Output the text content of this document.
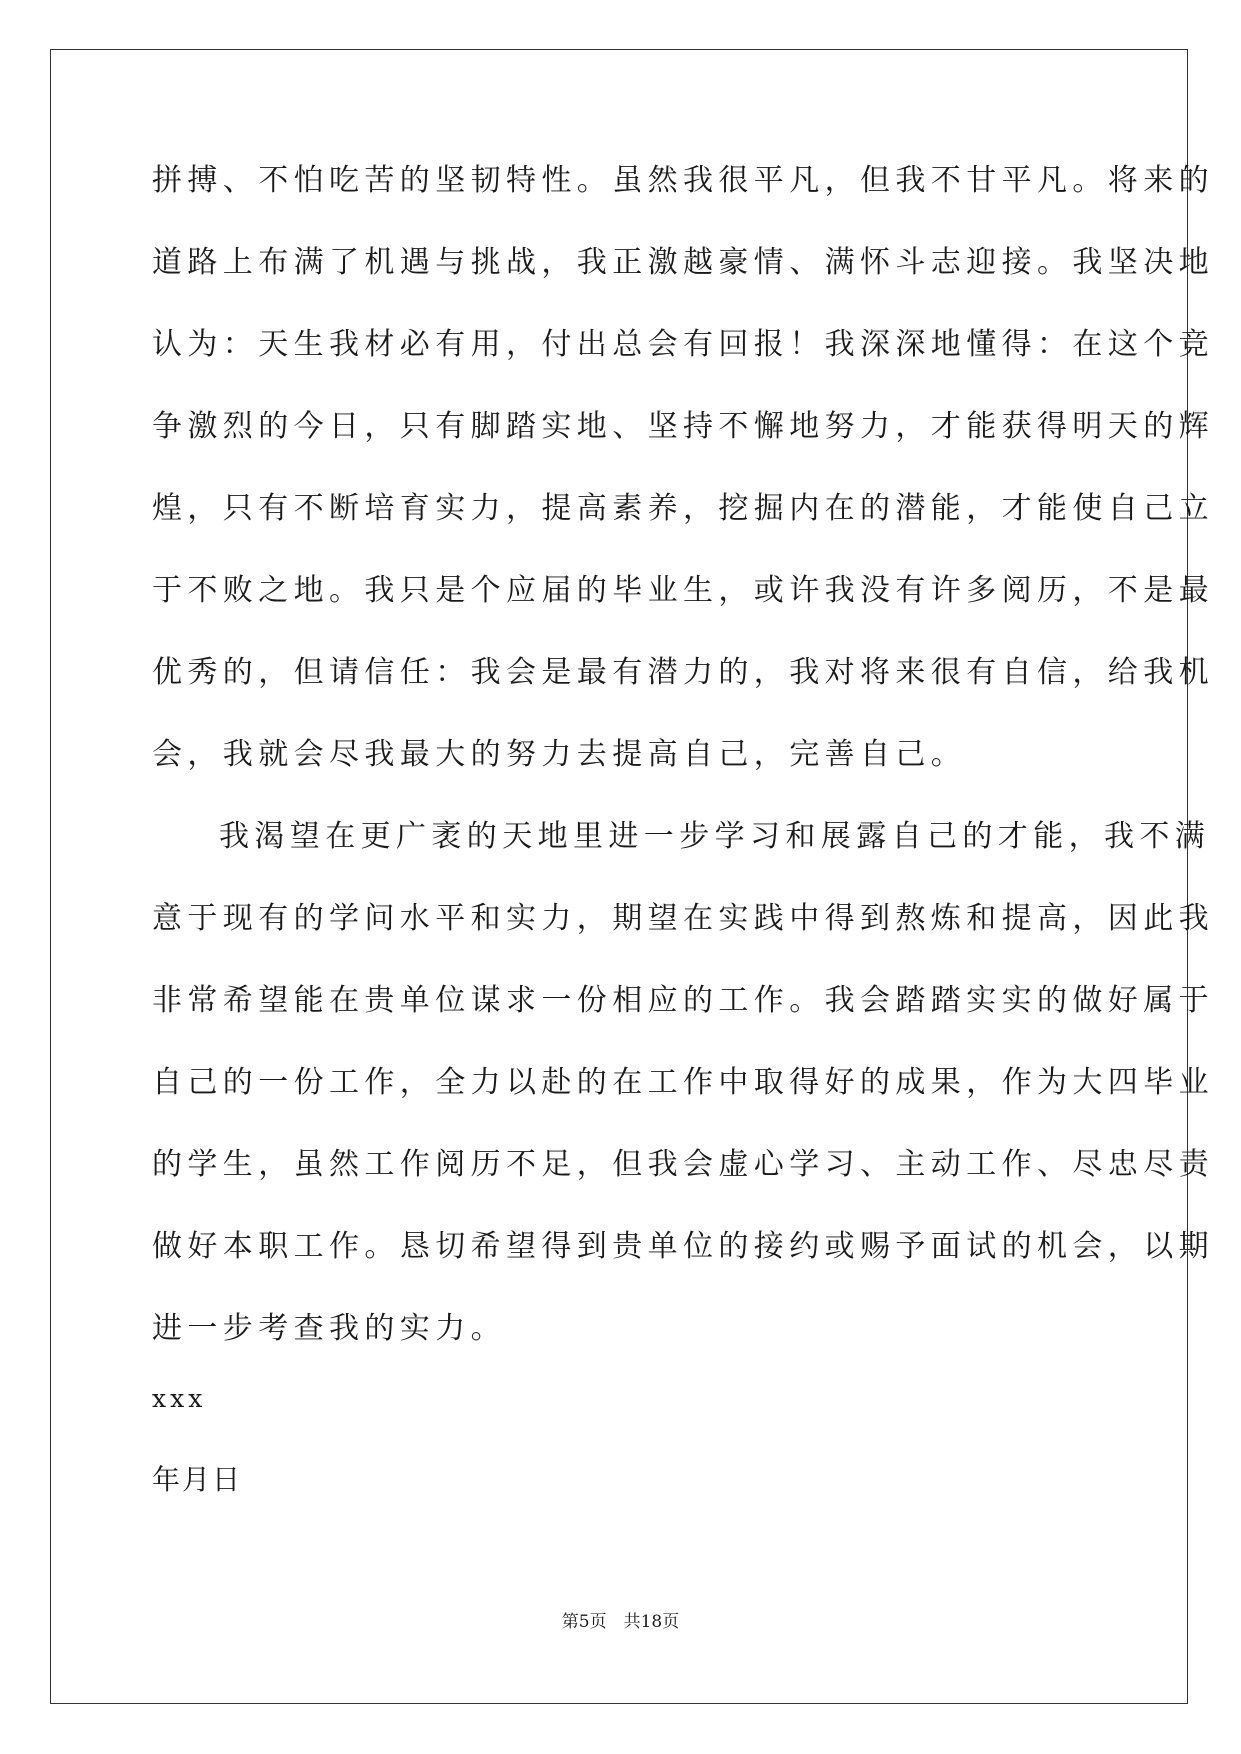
拼搏、不怕吃苦的坚韧特性。虽然我很平凡，但我不甘平凡。将来的
道路上布满了机遇与挑战，我正激越豪情、满怀斗志迎接。我坚决地
认为：天生我材必有用，付出总会有回报！我深深地懂得：在这个竞
争激烈的今日，只有脚踏实地、坚持不懈地努力，才能获得明天的辉
煌，只有不断培育实力，提高素养，挖掘内在的潜能，才能使自己立
于不败之地。我只是个应届的毕业生，或许我没有许多阅历，不是最
优秀的，但请信任：我会是最有潜力的，我对将来很有自信，给我机
会，我就会尽我最大的努力去提高自己，完善自己。
我渴望在更广袤的天地里进一步学习和展露自己的才能，我不满
意于现有的学问水平和实力，期望在实践中得到熬炼和提高，因此我
非常希望能在贵单位谋求一份相应的工作。我会踏踏实实的做好属于
自己的一份工作，全力以赴的在工作中取得好的成果，作为大四毕业
的学生，虽然工作阅历不足，但我会虚心学习、主动工作、尽忠尽责
做好本职工作。恳切希望得到贵单位的接约或赐予面试的机会，以期
进一步考查我的实力。
xxx
年月日
第5页　共18页
